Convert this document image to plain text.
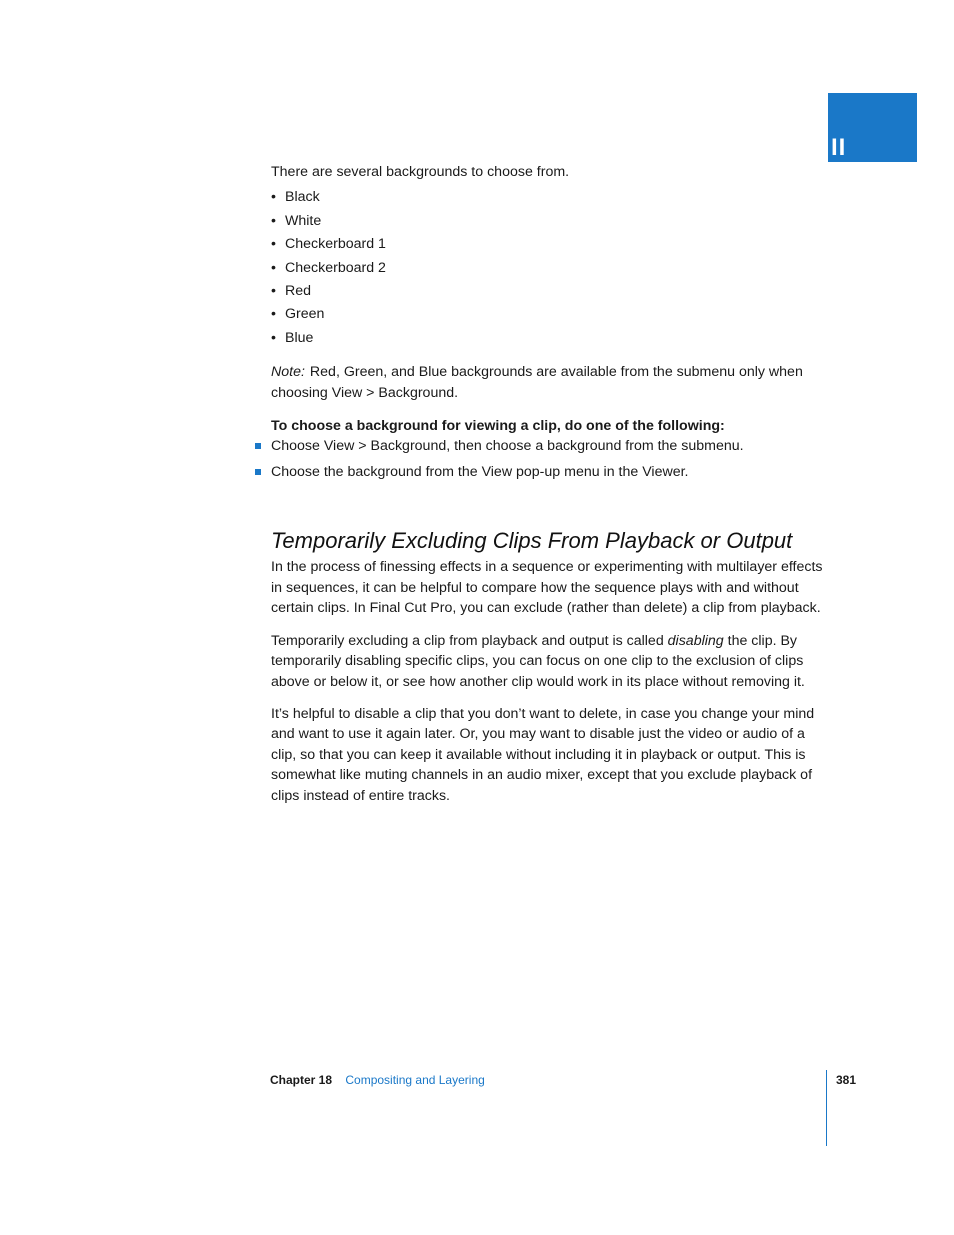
II

There are several backgrounds to choose from.

• Black
• White
• Checkerboard 1
• Checkerboard 2
• Red
• Green
• Blue

Note: Red, Green, and Blue backgrounds are available from the submenu only when choosing View > Background.

To choose a background for viewing a clip, do one of the following:

Choose View > Background, then choose a background from the submenu.
Choose the background from the View pop-up menu in the Viewer.
Temporarily Excluding Clips From Playback or Output

In the process of finessing effects in a sequence or experimenting with multilayer effects in sequences, it can be helpful to compare how the sequence plays with and without certain clips. In Final Cut Pro, you can exclude (rather than delete) a clip from playback.

Temporarily excluding a clip from playback and output is called disabling the clip. By temporarily disabling specific clips, you can focus on one clip to the exclusion of clips above or below it, or see how another clip would work in its place without removing it.

It’s helpful to disable a clip that you don’t want to delete, in case you change your mind and want to use it again later. Or, you may want to disable just the video or audio of a clip, so that you can keep it available without including it in playback or output. This is somewhat like muting channels in an audio mixer, except that you exclude playback of clips instead of entire tracks.

Chapter 18 Compositing and Layering	381
